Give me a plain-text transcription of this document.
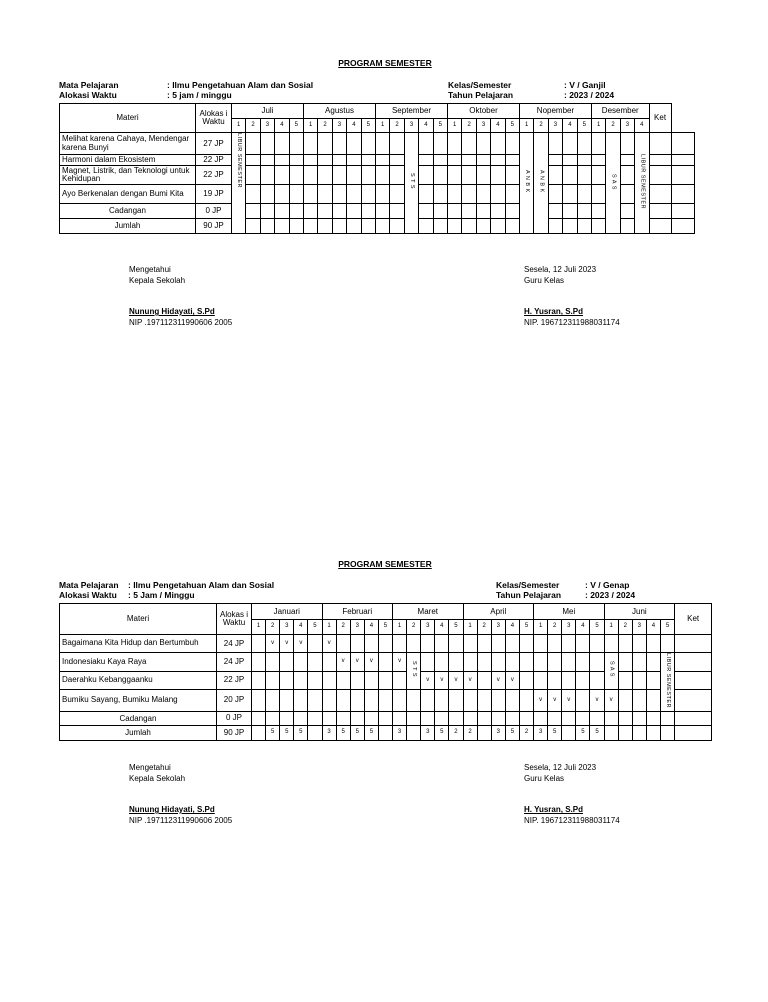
PROGRAM SEMESTER
Mata Pelajaran	: Ilmu Pengetahuan Alam dan Sosial
Alokasi Waktu	: 5 jam / minggu
Kelas/Semester	: V / Ganjil
Tahun Pelajaran	: 2023 / 2024
Materi	Alokas i Waktu	Juli					Agustus					September					Oktober					Nopember					Desember				Ket	
		1	2	3	4	5	1	2	3	4	5	1	2	3	4	5	1	2	3	4	5	1	2	3	4	5	1	2	3	4		
Melihat karena Cahaya, Mendengar karena Bunyi	27 JP	LIBUR SEMESTER												S T S								A N B K	A N B K					S A S		LIBUR SEMESTER		
Harmoni dalam Ekosistem	22 JP																															
Magnet, Listrik, dan Teknologi untuk Kehidupan	22 JP																															
Ayo Berkenalan dengan Bumi Kita	19 JP																															
Cadangan	0 JP																															
Jumlah	90 JP																															
Mengetahui
Kepala Sekolah
Nunung Hidayati, S.Pd
NIP .197112311990606 2005
Sesela, 12 Juli 2023
Guru Kelas
H. Yusran, S.Pd
NIP. 196712311988031174
PROGRAM SEMESTER
Mata Pelajaran : Ilmu Pengetahuan Alam dan Sosial
Alokasi Waktu : 5 Jam / Minggu
Kelas/Semester	: V / Genap
Tahun Pelajaran	: 2023 / 2024
Materi	Alokas i Waktu	Januari					Februari					Maret					April					Mei					Juni					Ket
		1	2	3	4	5	1	2	3	4	5	1	2	3	4	5	1	2	3	4	5	1	2	3	4	5	1	2	3	4	5	
Bagaimana Kita Hidup dan Bertumbuh	24 JP		v	v	v		v																									
Indonesiaku Kaya Raya	24 JP							v	v	v		v	S T S														S A S				LIBUR SEMESTER	
Daerahku Kebanggaanku	22 JP													v	v	v	v		v	v												
Bumiku Sayang, Bumiku Malang	20 JP																					v	v	v		v	v					
Cadangan	0 JP																															
Jumlah	90 JP		5	5	5		3	5	5	5		3		3	5	2	2		3	5	2	3	5		5	5						
Mengetahui
Kepala Sekolah
Nunung Hidayati, S.Pd
NIP .197112311990606 2005
Sesela, 12 Juli 2023
Guru Kelas
H. Yusran, S.Pd
NIP. 196712311988031174
